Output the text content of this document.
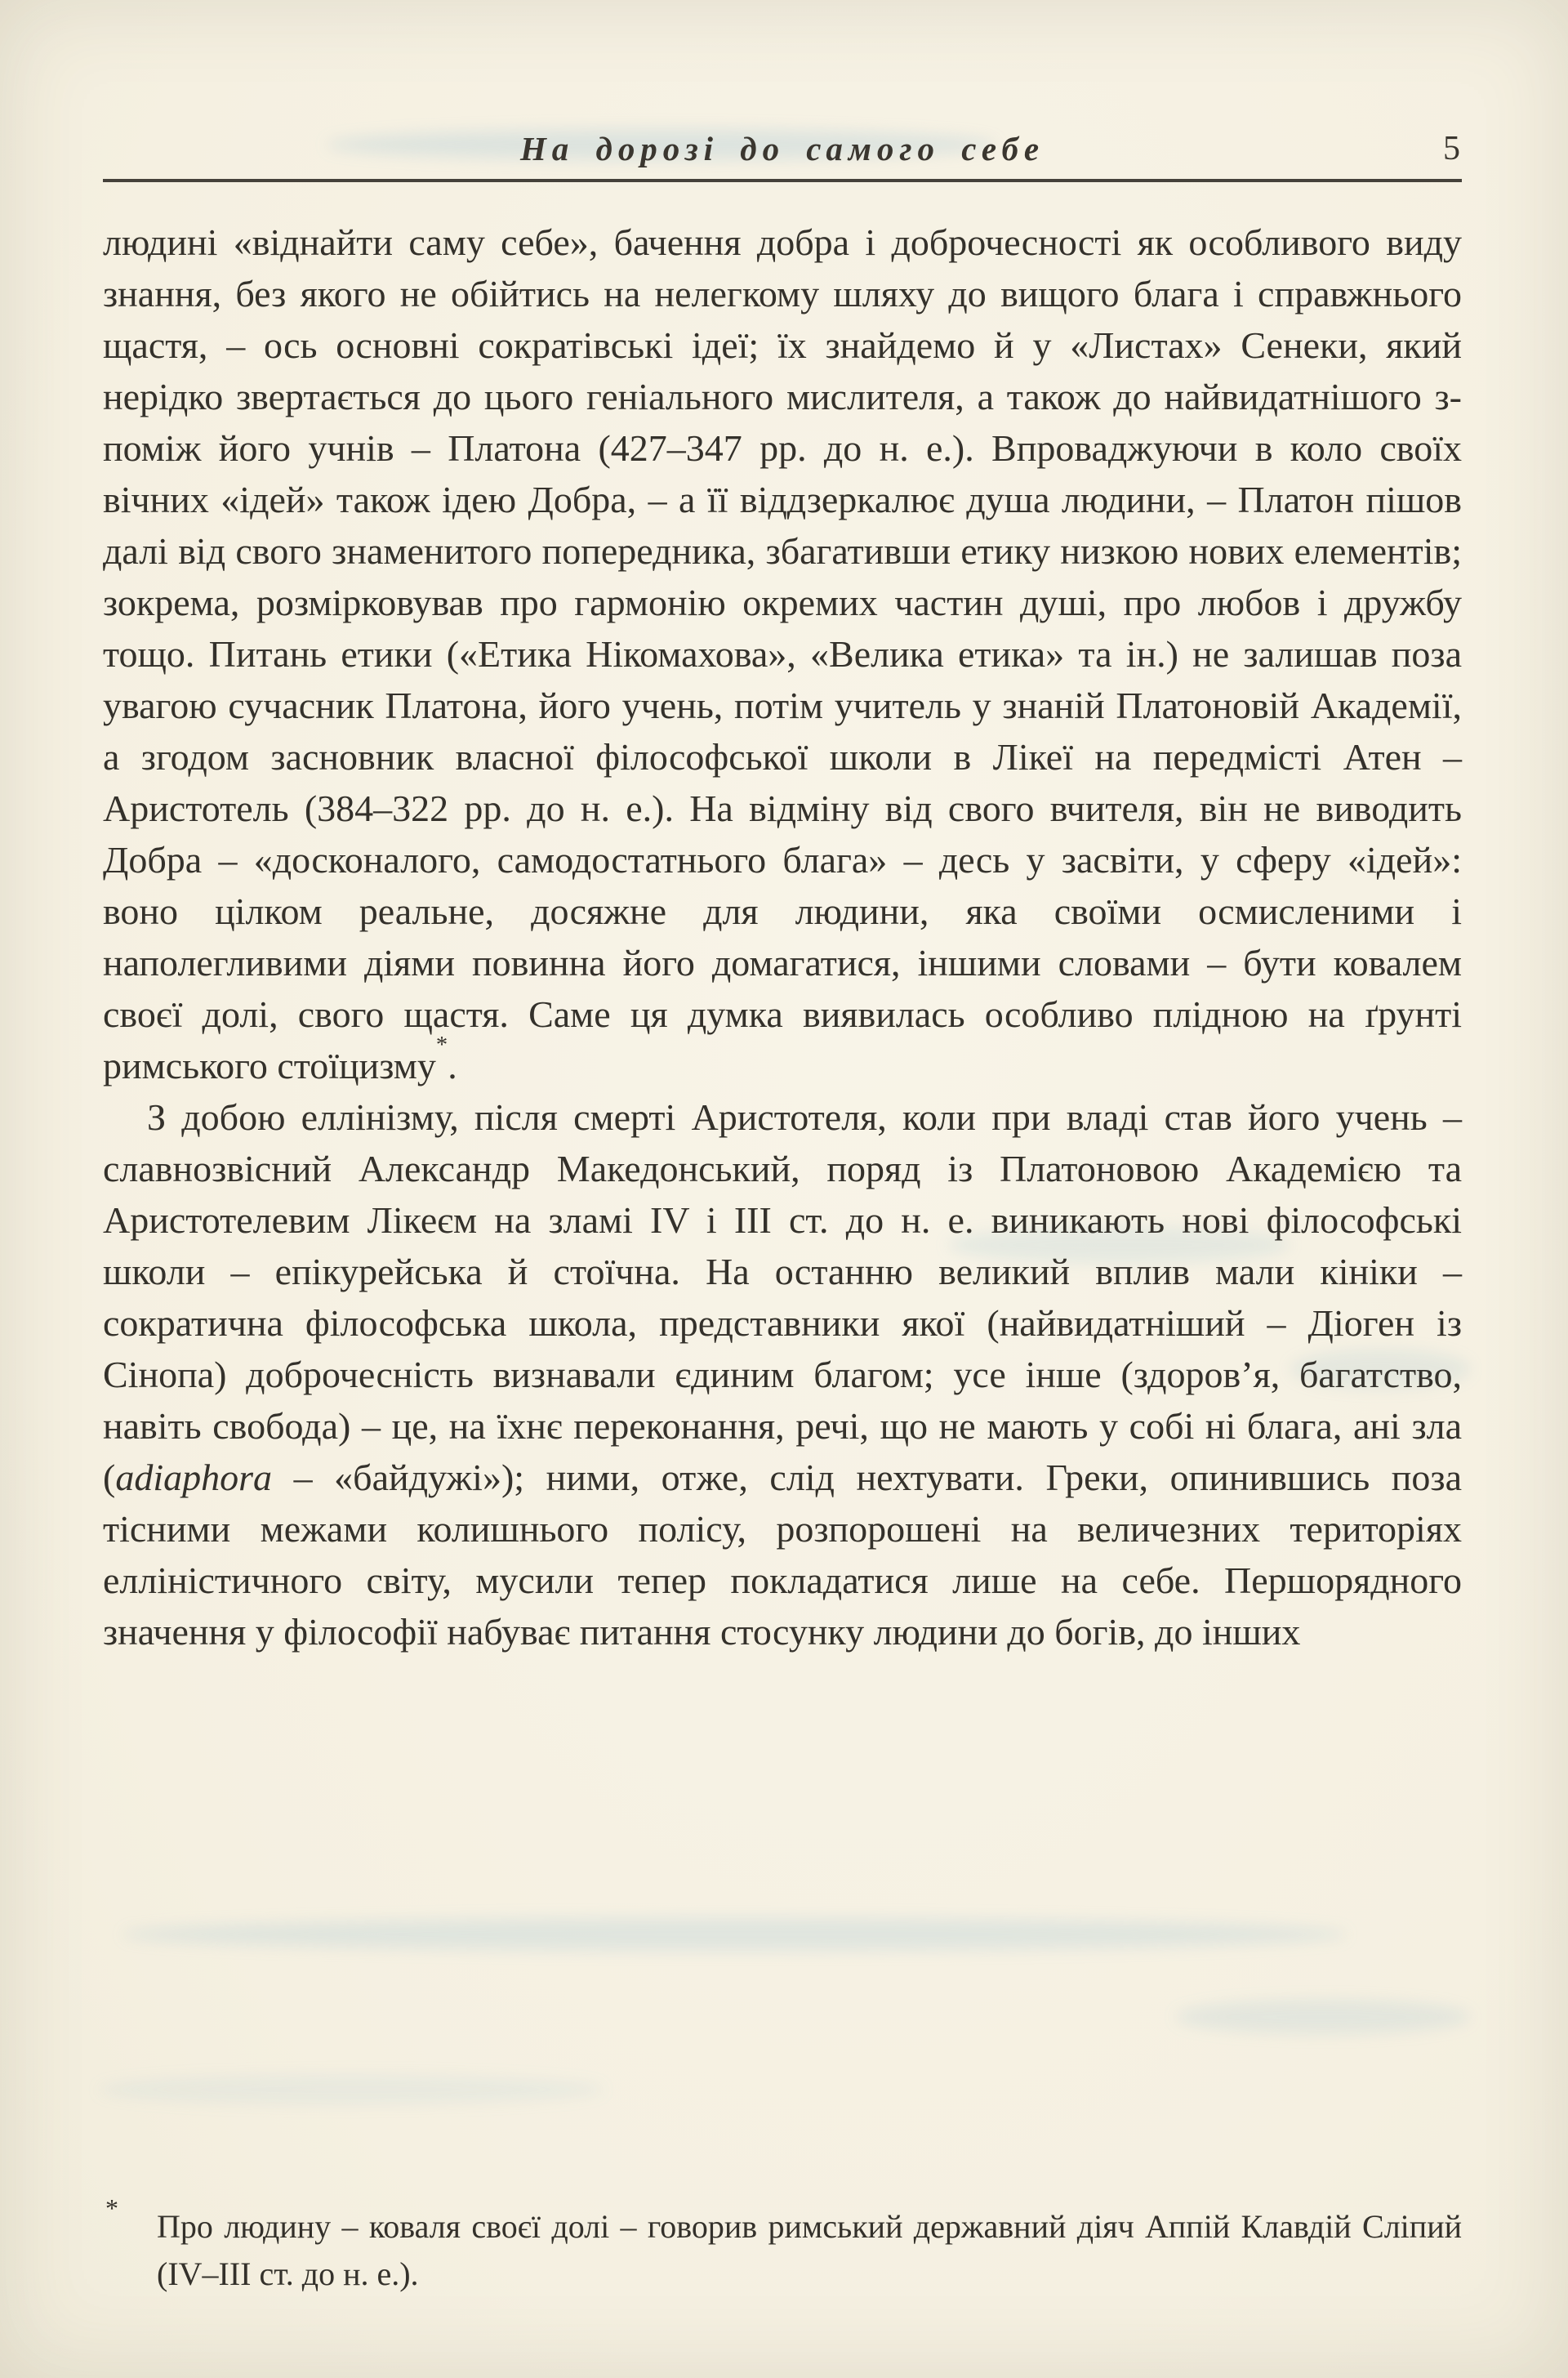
На дорозі до самого себе	5

людині «віднайти саму себе», бачення добра і доброчесності як особливого виду знання, без якого не обійтись на нелегкому шляху до вищого блага і справжнього щастя, – ось основні сократівські ідеї; їх знайдемо й у «Листах» Сенеки, який нерідко звертається до цього геніального мислителя, а також до найвидатнішого з-поміж його учнів – Платона (427–347 рр. до н. е.). Впроваджуючи в коло своїх вічних «ідей» також ідею Добра, – а її віддзеркалює душа людини, – Платон пішов далі від свого знаменитого попередника, збагативши етику низкою нових елементів; зокрема, розмірковував про гармонію окремих частин душі, про любов і дружбу тощо. Питань етики («Етика Нікомахова», «Велика етика» та ін.) не залишав поза увагою сучасник Платона, його учень, потім учитель у знаній Платоновій Академії, а згодом засновник власної філософської школи в Лікеї на передмісті Атен – Аристотель (384–322 рр. до н. е.). На відміну від свого вчителя, він не виводить Добра – «досконалого, самодостатнього блага» – десь у засвіти, у сферу «ідей»: воно цілком реальне, досяжне для людини, яка своїми осмисленими і наполегливими діями повинна його домагатися, іншими словами – бути ковалем своєї долі, свого щастя. Саме ця думка виявилась особливо плідною на ґрунті римського стоїцизму*.

З добою еллінізму, після смерті Аристотеля, коли при владі став його учень – славнозвісний Александр Македонський, поряд із Платоновою Академією та Аристотелевим Лікеєм на зламі IV і III ст. до н. е. виникають нові філософські школи – епікурейська й стоїчна. На останню великий вплив мали кініки – сократична філософська школа, представники якої (найвидатніший – Діоген із Сінопа) доброчесність визнавали єдиним благом; усе інше (здоров’я, багатство, навіть свобода) – це, на їхнє переконання, речі, що не мають у собі ні блага, ані зла (adiaphora – «байдужі»); ними, отже, слід нехтувати. Греки, опинившись поза тісними межами колишнього полісу, розпорошені на величезних територіях елліністичного світу, мусили тепер покладатися лише на себе. Першорядного значення у філософії набуває питання стосунку людини до богів, до інших

*	Про людину – коваля своєї долі – говорив римський державний діяч Аппій Клавдій Сліпий (IV–III ст. до н. е.).
